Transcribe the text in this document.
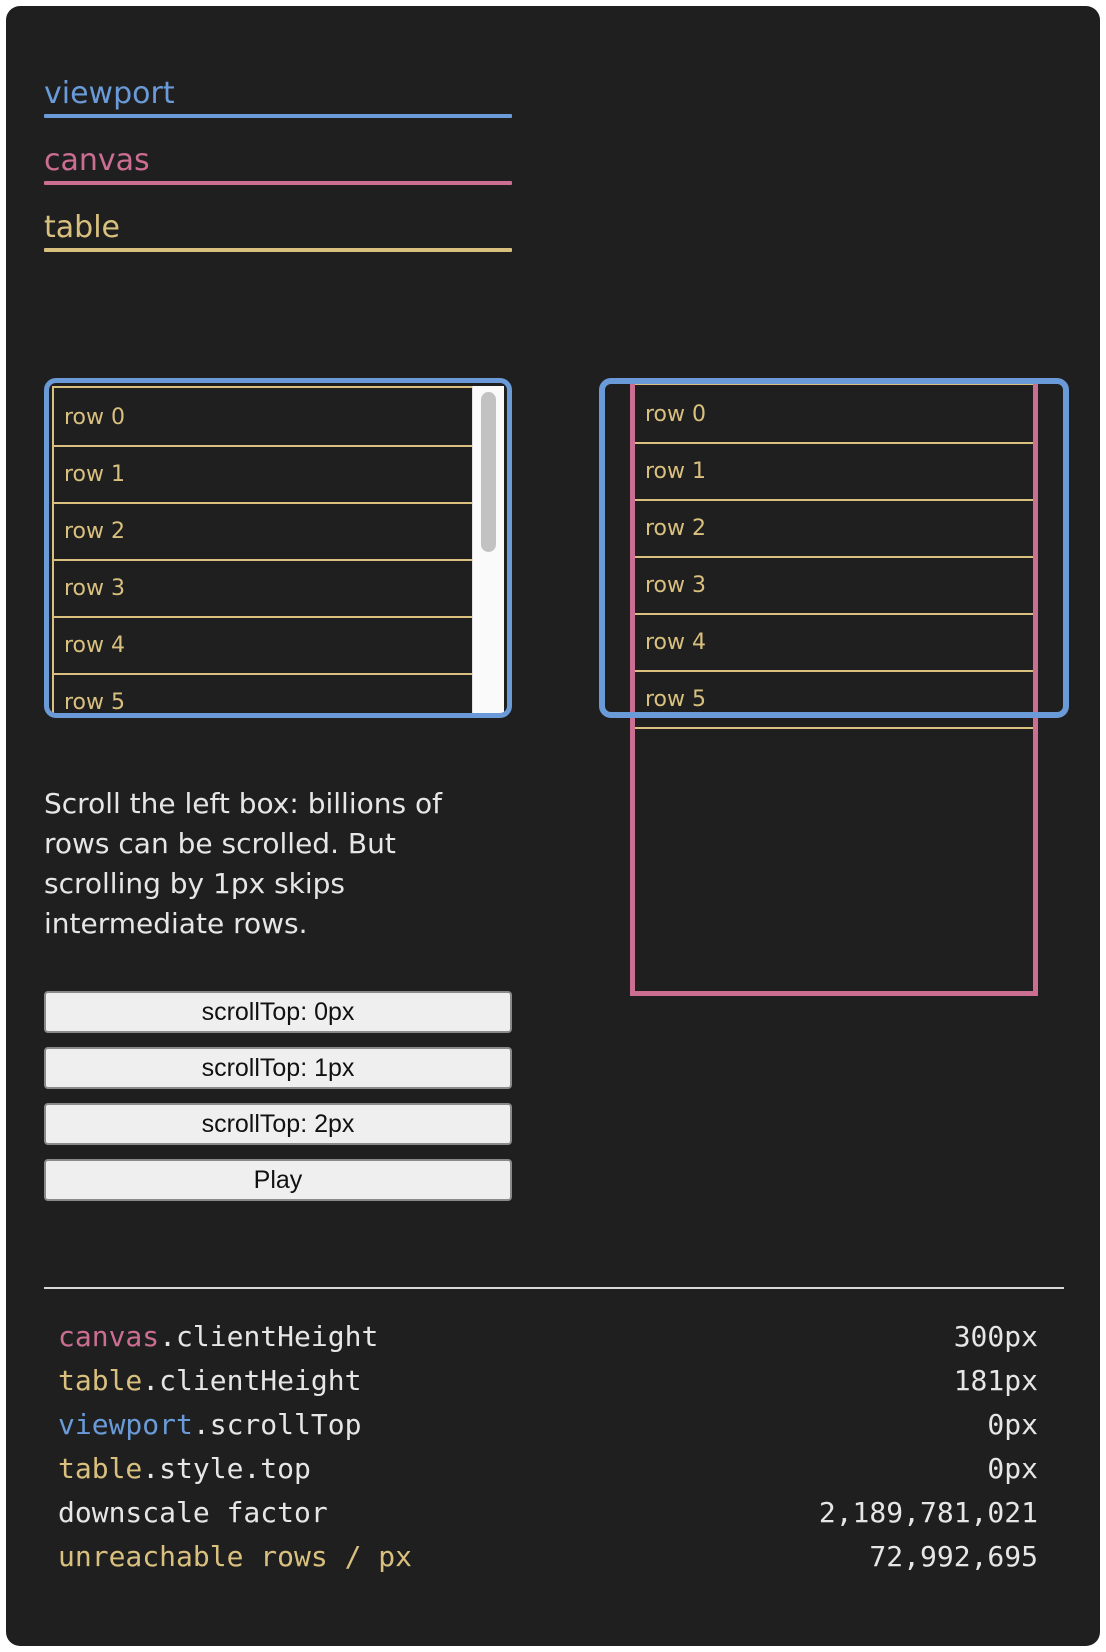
viewport
canvas
table
row 0
row 1
row 2
row 3
row 4
row 5
row 0
row 1
row 2
row 3
row 4
row 5
Scroll the left box: billions of rows can be scrolled. But scrolling by 1px skips intermediate rows.
scrollTop: 0px
scrollTop: 1px
scrollTop: 2px
Play
canvas.clientHeight	300px
table.clientHeight	181px
viewport.scrollTop	0px
table.style.top	0px
downscale factor	2,189,781,021
unreachable rows / px	72,992,695
